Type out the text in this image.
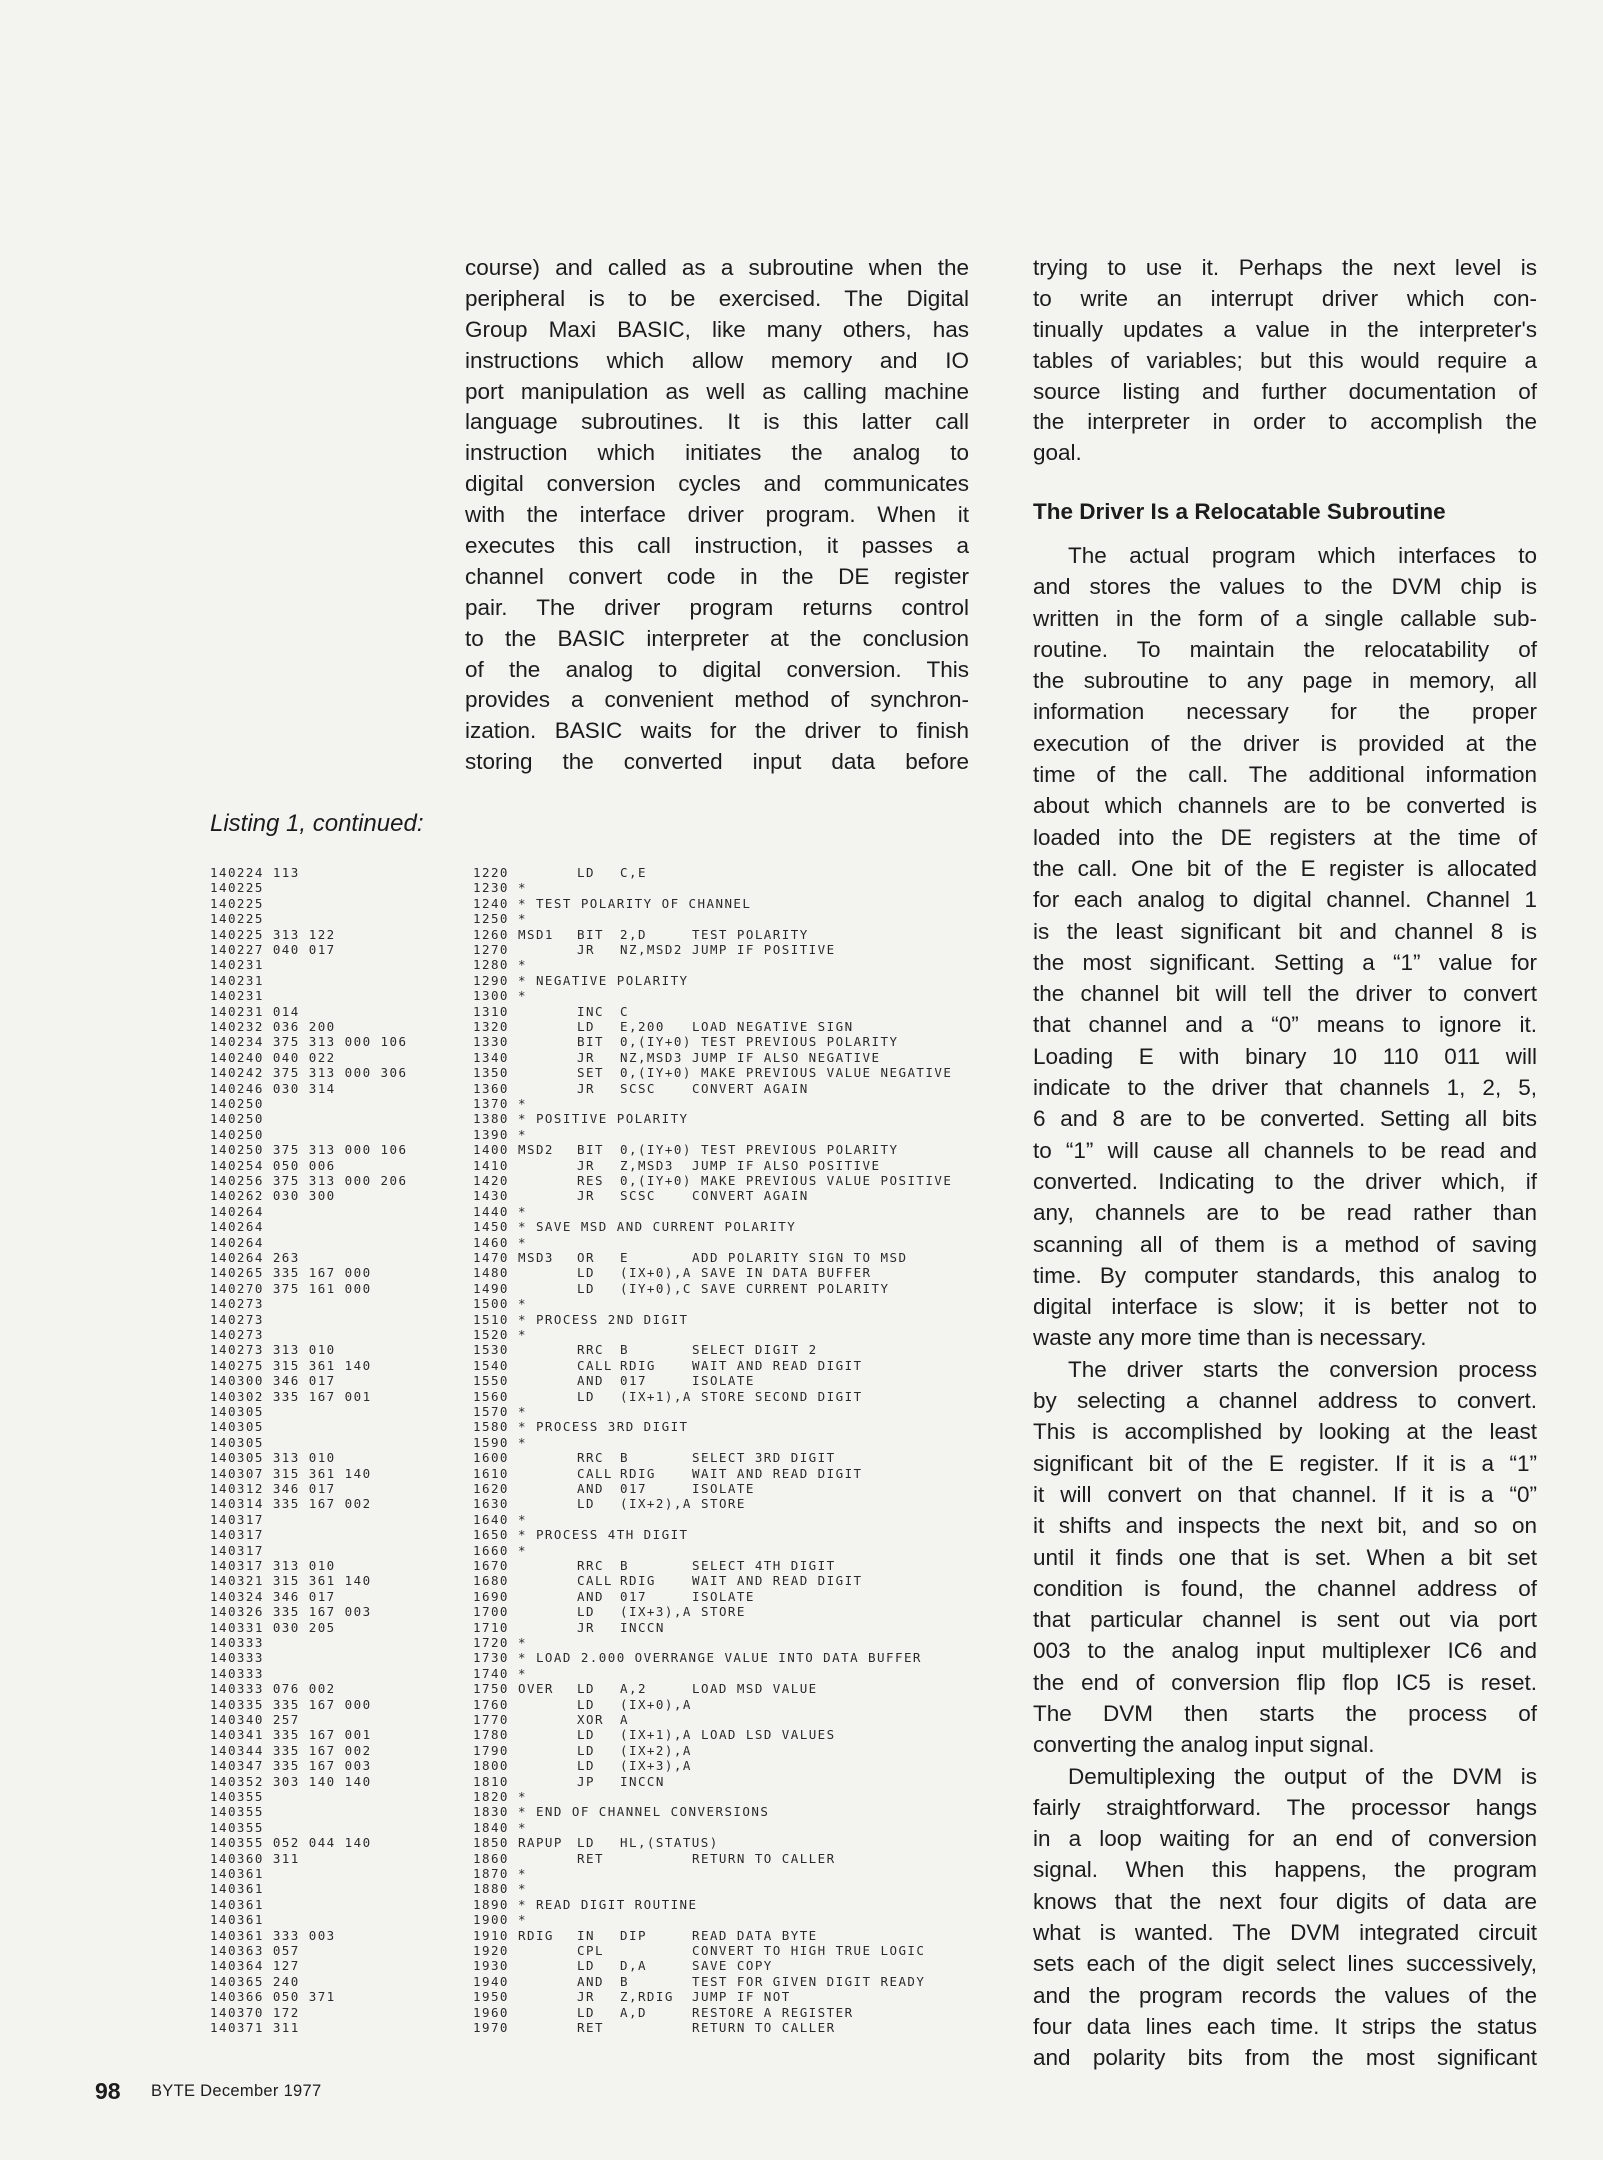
course) and called as a subroutine when the
peripheral is to be exercised. The Digital
Group Maxi BASIC, like many others, has
instructions which allow memory and IO
port manipulation as well as calling machine
language subroutines. It is this latter call
instruction which initiates the analog to
digital conversion cycles and communicates
with the interface driver program. When it
executes this call instruction, it passes a
channel convert code in the DE register
pair. The driver program returns control
to the BASIC interpreter at the conclusion
of the analog to digital conversion. This
provides a convenient method of synchron-
ization. BASIC waits for the driver to finish
storing the converted input data before
trying to use it. Perhaps the next level is
to write an interrupt driver which con-
tinually updates a value in the interpreter's
tables of variables; but this would require a
source listing and further documentation of
the interpreter in order to accomplish the
goal.
The Driver Is a Relocatable Subroutine
The actual program which interfaces to
and stores the values to the DVM chip is
written in the form of a single callable sub-
routine. To maintain the relocatability of
the subroutine to any page in memory, all
information necessary for the proper
execution of the driver is provided at the
time of the call. The additional information
about which channels are to be converted is
loaded into the DE registers at the time of
the call. One bit of the E register is allocated
for each analog to digital channel. Channel 1
is the least significant bit and channel 8 is
the most significant. Setting a “1” value for
the channel bit will tell the driver to convert
that channel and a “0” means to ignore it.
Loading E with binary 10 110 011 will
indicate to the driver that channels 1, 2, 5,
6 and 8 are to be converted. Setting all bits
to “1” will cause all channels to be read and
converted. Indicating to the driver which, if
any, channels are to be read rather than
scanning all of them is a method of saving
time. By computer standards, this analog to
digital interface is slow; it is better not to
waste any more time than is necessary.
The driver starts the conversion process
by selecting a channel address to convert.
This is accomplished by looking at the least
significant bit of the E register. If it is a “1”
it will convert on that channel. If it is a “0”
it shifts and inspects the next bit, and so on
until it finds one that is set. When a bit set
condition is found, the channel address of
that particular channel is sent out via port
003 to the analog input multiplexer IC6 and
the end of conversion flip flop IC5 is reset.
The DVM then starts the process of
converting the analog input signal.
Demultiplexing the output of the DVM is
fairly straightforward. The processor hangs
in a loop waiting for an end of conversion
signal. When this happens, the program
knows that the next four digits of data are
what is wanted. The DVM integrated circuit
sets each of the digit select lines successively,
and the program records the values of the
four data lines each time. It strips the status
and polarity bits from the most significant
Listing 1, continued:
140224 113	1220	LD C,E
140225	1230 *
140225	1240 * TEST POLARITY OF CHANNEL
140225	1250 *
140225 313 122	1260 MSD1 BIT 2,D	TEST POLARITY
140227 040 017	1270	JR NZ,MSD2 JUMP IF POSITIVE
140231	1280 *
140231	1290 * NEGATIVE POLARITY
140231	1300 *
140231 014	1310	INC C
140232 036 200	1320	LD E,200 LOAD NEGATIVE SIGN
140234 375 313 000 106	1330	BIT 0,(IY+0) TEST PREVIOUS POLARITY
140240 040 022	1340	JR NZ,MSD3 JUMP IF ALSO NEGATIVE
140242 375 313 000 306	1350	SET 0,(IY+0) MAKE PREVIOUS VALUE NEGATIVE
140246 030 314	1360	JR SCSC	CONVERT AGAIN
140250	1370 *
140250	1380 * POSITIVE POLARITY
140250	1390 *
140250 375 313 000 106	1400 MSD2 BIT 0,(IY+0) TEST PREVIOUS POLARITY
140254 050 006	1410	JR Z,MSD3 JUMP IF ALSO POSITIVE
140256 375 313 000 206	1420	RES 0,(IY+0) MAKE PREVIOUS VALUE POSITIVE
140262 030 300	1430	JR SCSC	CONVERT AGAIN
140264	1440 *
140264	1450 * SAVE MSD AND CURRENT POLARITY
140264	1460 *
140264 263	1470 MSD3 OR E	ADD POLARITY SIGN TO MSD
140265 335 167 000	1480	LD (IX+0),A SAVE IN DATA BUFFER
140270 375 161 000	1490	LD (IY+0),C SAVE CURRENT POLARITY
140273	1500 *
140273	1510 * PROCESS 2ND DIGIT
140273	1520 *
140273 313 010	1530	RRC B	SELECT DIGIT 2
140275 315 361 140	1540	CALL RDIG	WAIT AND READ DIGIT
140300 346 017	1550	AND 017	ISOLATE
140302 335 167 001	1560	LD (IX+1),A STORE SECOND DIGIT
140305	1570 *
140305	1580 * PROCESS 3RD DIGIT
140305	1590 *
140305 313 010	1600	RRC B	SELECT 3RD DIGIT
140307 315 361 140	1610	CALL RDIG	WAIT AND READ DIGIT
140312 346 017	1620	AND 017	ISOLATE
140314 335 167 002	1630	LD (IX+2),A STORE
140317	1640 *
140317	1650 * PROCESS 4TH DIGIT
140317	1660 *
140317 313 010	1670	RRC B	SELECT 4TH DIGIT
140321 315 361 140	1680	CALL RDIG	WAIT AND READ DIGIT
140324 346 017	1690	AND 017	ISOLATE
140326 335 167 003	1700	LD (IX+3),A STORE
140331 030 205	1710	JR INCCN
140333	1720 *
140333	1730 * LOAD 2.000 OVERRANGE VALUE INTO DATA BUFFER
140333	1740 *
140333 076 002	1750 OVER LD A,2	LOAD MSD VALUE
140335 335 167 000	1760	LD (IX+0),A
140340 257	1770	XOR A
140341 335 167 001	1780	LD (IX+1),A LOAD LSD VALUES
140344 335 167 002	1790	LD (IX+2),A
140347 335 167 003	1800	LD (IX+3),A
140352 303 140 140	1810	JP INCCN
140355	1820 *
140355	1830 * END OF CHANNEL CONVERSIONS
140355	1840 *
140355 052 044 140	1850 RAPUP LD HL,(STATUS)
140360 311	1860	RET	RETURN TO CALLER
140361	1870 *
140361	1880 *
140361	1890 * READ DIGIT ROUTINE
140361	1900 *
140361 333 003	1910 RDIG IN DIP	READ DATA BYTE
140363 057	1920	CPL	CONVERT TO HIGH TRUE LOGIC
140364 127	1930	LD D,A	SAVE COPY
140365 240	1940	AND B	TEST FOR GIVEN DIGIT READY
140366 050 371	1950	JR Z,RDIG JUMP IF NOT
140370 172	1960	LD A,D	RESTORE A REGISTER
140371 311	1970	RET	RETURN TO CALLER
98 BYTE December 1977
